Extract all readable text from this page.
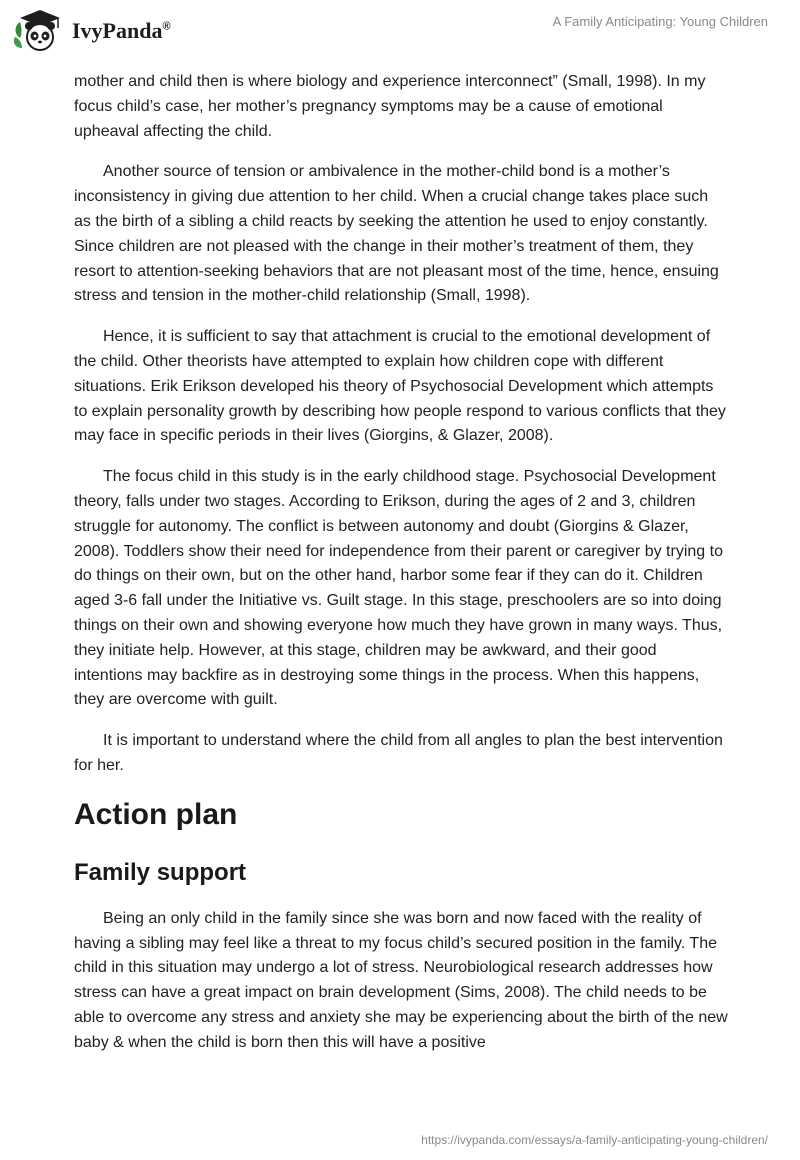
IvyPanda®	A Family Anticipating: Young Children

mother and child then is where biology and experience interconnect” (Small, 1998). In my focus child’s case, her mother’s pregnancy symptoms may be a cause of emotional upheaval affecting the child.

Another source of tension or ambivalence in the mother-child bond is a mother’s inconsistency in giving due attention to her child. When a crucial change takes place such as the birth of a sibling a child reacts by seeking the attention he used to enjoy constantly. Since children are not pleased with the change in their mother’s treatment of them, they resort to attention-seeking behaviors that are not pleasant most of the time, hence, ensuing stress and tension in the mother-child relationship (Small, 1998).

Hence, it is sufficient to say that attachment is crucial to the emotional development of the child. Other theorists have attempted to explain how children cope with different situations. Erik Erikson developed his theory of Psychosocial Development which attempts to explain personality growth by describing how people respond to various conflicts that they may face in specific periods in their lives (Giorgins, & Glazer, 2008).

The focus child in this study is in the early childhood stage. Psychosocial Development theory, falls under two stages. According to Erikson, during the ages of 2 and 3, children struggle for autonomy. The conflict is between autonomy and doubt (Giorgins & Glazer, 2008). Toddlers show their need for independence from their parent or caregiver by trying to do things on their own, but on the other hand, harbor some fear if they can do it. Children aged 3-6 fall under the Initiative vs. Guilt stage. In this stage, preschoolers are so into doing things on their own and showing everyone how much they have grown in many ways. Thus, they initiate help. However, at this stage, children may be awkward, and their good intentions may backfire as in destroying some things in the process. When this happens, they are overcome with guilt.

It is important to understand where the child from all angles to plan the best intervention for her.

Action plan
Family support

Being an only child in the family since she was born and now faced with the reality of having a sibling may feel like a threat to my focus child’s secured position in the family. The child in this situation may undergo a lot of stress. Neurobiological research addresses how stress can have a great impact on brain development (Sims, 2008). The child needs to be able to overcome any stress and anxiety she may be experiencing about the birth of the new baby & when the child is born then this will have a positive

https://ivypanda.com/essays/a-family-anticipating-young-children/
